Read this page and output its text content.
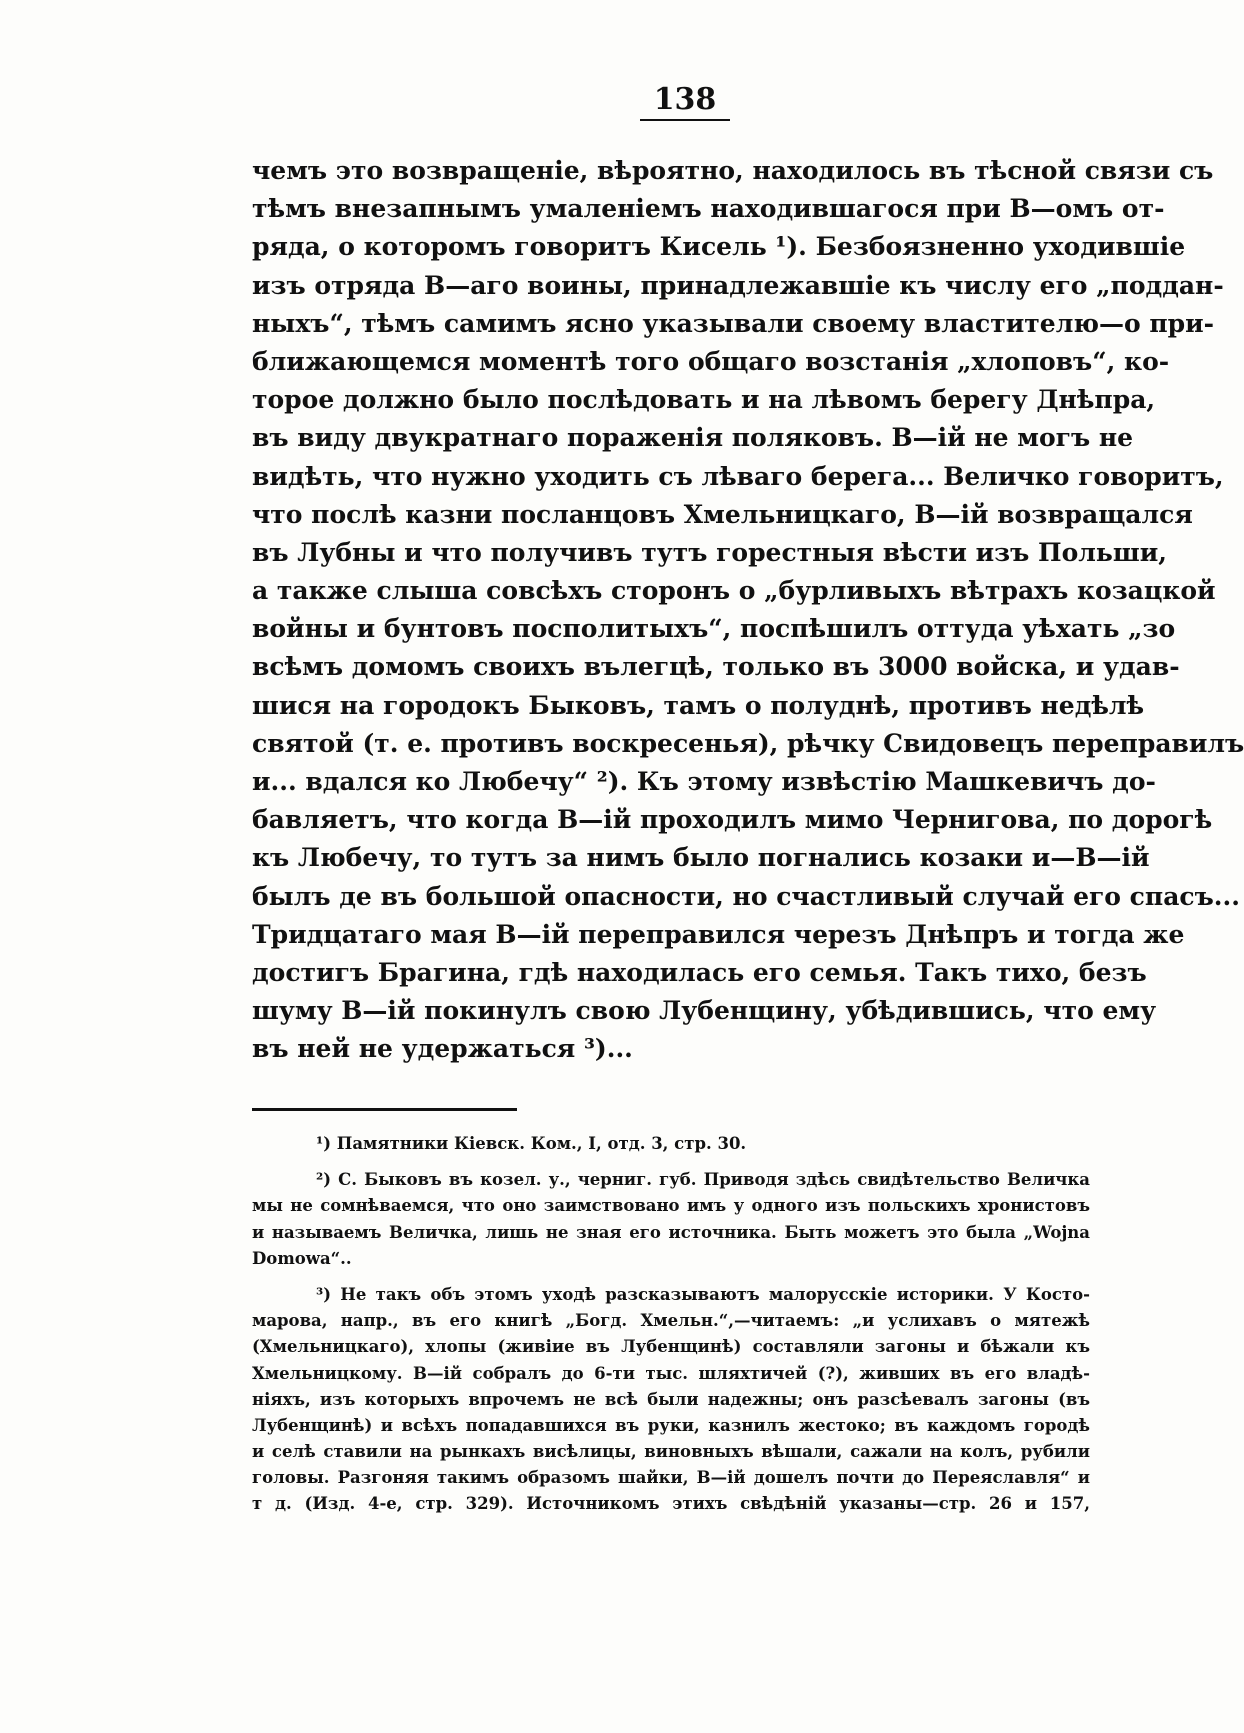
138
чемъ это возвращеніе, вѣроятно, находилось въ тѣсной связи съ
тѣмъ внезапнымъ умаленіемъ находившагося при В—омъ от-
ряда, о которомъ говоритъ Кисель ¹). Безбоязненно уходившіе
изъ отряда В—аго воины, принадлежавшіе къ числу его „поддан-
ныхъ“, тѣмъ самимъ ясно указывали своему властителю—о при-
ближающемся моментѣ того общаго возстанія „хлоповъ“, ко-
торое должно было послѣдовать и на лѣвомъ берегу Днѣпра,
въ виду двукратнаго пораженія поляковъ. В—ій не могъ не
видѣть, что нужно уходить съ лѣваго берега... Величко говоритъ,
что послѣ казни посланцовъ Хмельницкаго, В—ій возвращался
въ Лубны и что получивъ тутъ горестныя вѣсти изъ Польши,
а также слыша совсѣхъ сторонъ о „бурливыхъ вѣтрахъ козацкой
войны и бунтовъ посполитыхъ“, поспѣшилъ оттуда уѣхать „зо
всѣмъ домомъ своихъ вълегцѣ, только въ 3000 войска, и удав-
шися на городокъ Быковъ, тамъ о полуднѣ, противъ недѣлѣ
святой (т. е. противъ воскресенья), рѣчку Свидовецъ переправилъ
и... вдался ко Любечу“ ²). Къ этому извѣстію Машкевичъ до-
бавляетъ, что когда В—ій проходилъ мимо Чернигова, по дорогѣ
къ Любечу, то тутъ за нимъ было погнались козаки и—В—ій
былъ де въ большой опасности, но счастливый случай его спасъ...
Тридцатаго мая В—ій переправился черезъ Днѣпръ и тогда же
достигъ Брагина, гдѣ находилась его семья. Такъ тихо, безъ
шуму В—ій покинулъ свою Лубенщину, убѣдившись, что ему
въ ней не удержаться ³)...
¹) Памятники Кіевск. Ком., I, отд. 3, стр. 30.
²) С. Быковъ въ козел. у., черниг. губ. Приводя здѣсь свидѣтельство Величка
мы не сомнѣваемся, что оно заимствовано имъ у одного изъ польскихъ хронистовъ
и называемъ Величка, лишь не зная его источника. Быть можетъ это была „Wojna
Domowa“..
³) Не такъ объ этомъ уходѣ разсказываютъ малорусскіе историки. У Косто-
марова, напр., въ его книгѣ „Богд. Хмельн.“,—читаемъ: „и услихавъ о мятежѣ
(Хмельницкаго), хлопы (живіие въ Лубенщинѣ) составляли загоны и бѣжали къ
Хмельницкому. В—ій собралъ до 6-ти тыс. шляхтичей (?), живших въ его владѣ-
ніяхъ, изъ которыхъ впрочемъ не всѣ были надежны; онъ разсѣевалъ загоны (въ
Лубенщинѣ) и всѣхъ попадавшихся въ руки, казнилъ жестоко; въ каждомъ городѣ
и селѣ ставили на рынкахъ висѣлицы, виновныхъ вѣшали, сажали на колъ, рубили
головы. Разгоняя такимъ образомъ шайки, В—ій дошелъ почти до Переяславля“ и
т д. (Изд. 4-е, стр. 329). Источникомъ этихъ свѣдѣній указаны—стр. 26 и 157,
